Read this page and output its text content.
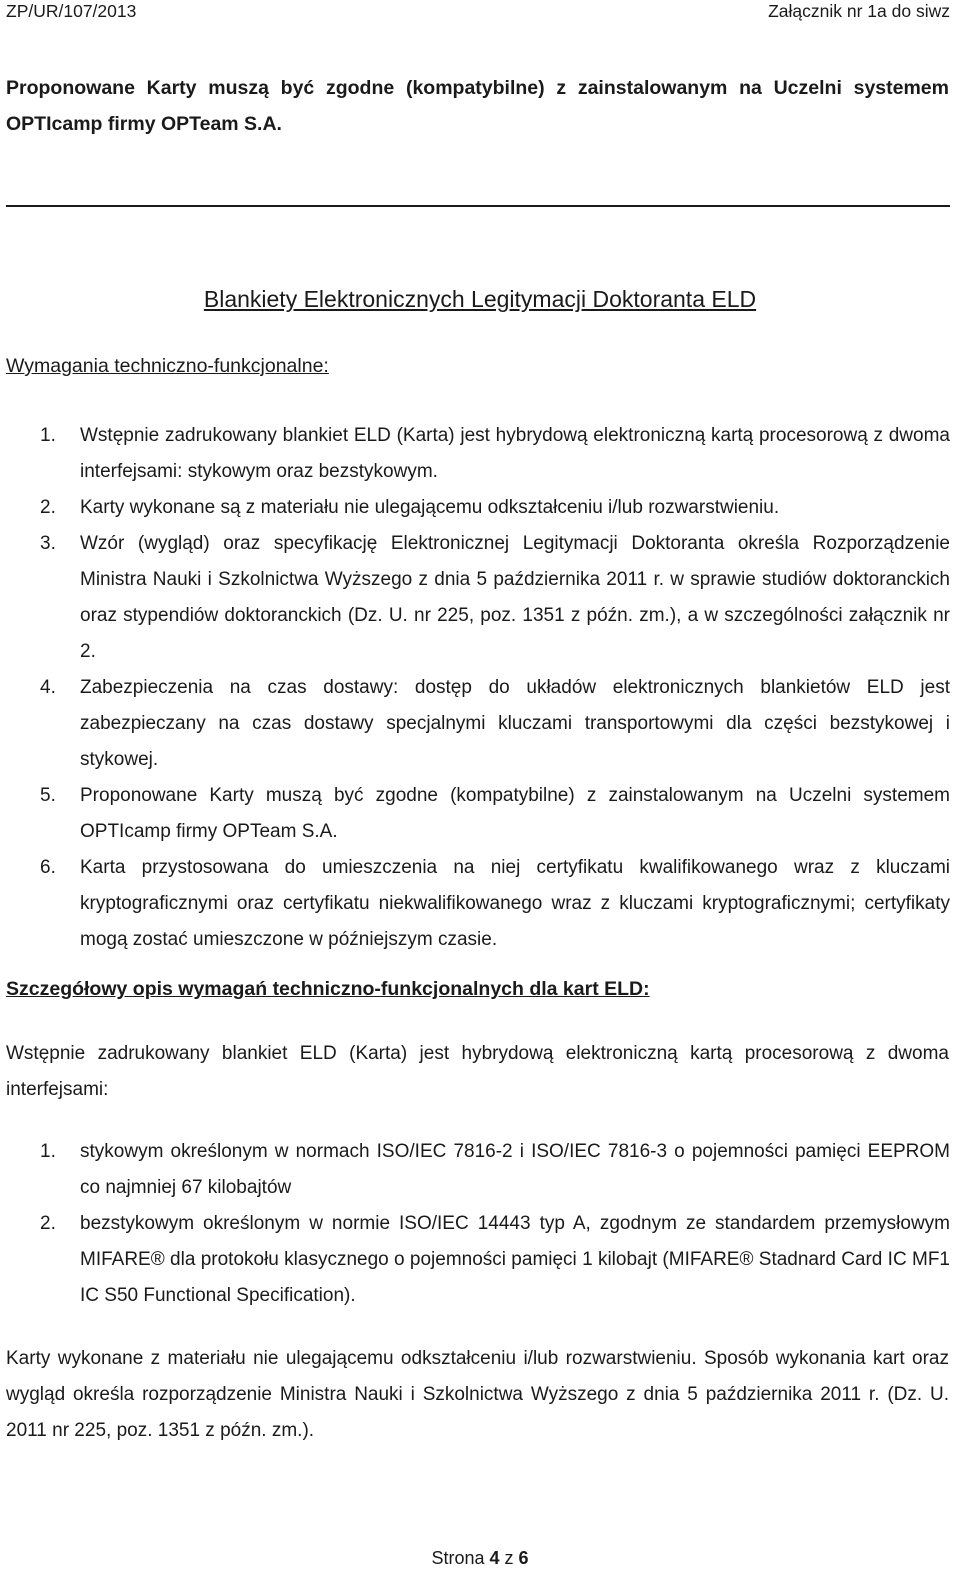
ZP/UR/107/2013	Załącznik nr 1a do siwz
Proponowane Karty muszą być zgodne (kompatybilne) z zainstalowanym na Uczelni systemem OPTIcamp firmy OPTeam S.A.
Blankiety Elektronicznych Legitymacji Doktoranta ELD
Wymagania techniczno-funkcjonalne:
1. Wstępnie zadrukowany blankiet ELD (Karta) jest hybrydową elektroniczną kartą procesorową z dwoma interfejsami: stykowym oraz bezstykowym.
2. Karty wykonane są z materiału nie ulegającemu odkształceniu i/lub rozwarstwieniu.
3. Wzór (wygląd) oraz specyfikację Elektronicznej Legitymacji Doktoranta określa Rozporządzenie Ministra Nauki i Szkolnictwa Wyższego z dnia 5 października 2011 r. w sprawie studiów doktoranckich oraz stypendiów doktoranckich (Dz. U. nr 225, poz. 1351 z późn. zm.), a w szczególności załącznik nr 2.
4. Zabezpieczenia na czas dostawy: dostęp do układów elektronicznych blankietów ELD jest zabezpieczany na czas dostawy specjalnymi kluczami transportowymi dla części bezstykowej i stykowej.
5. Proponowane Karty muszą być zgodne (kompatybilne) z zainstalowanym na Uczelni systemem OPTIcamp firmy OPTeam S.A.
6. Karta przystosowana do umieszczenia na niej certyfikatu kwalifikowanego wraz z kluczami kryptograficznymi oraz certyfikatu niekwalifikowanego wraz z kluczami kryptograficznymi; certyfikaty mogą zostać umieszczone w późniejszym czasie.
Szczegółowy opis wymagań techniczno-funkcjonalnych dla kart ELD:
Wstępnie zadrukowany blankiet ELD (Karta) jest hybrydową elektroniczną kartą procesorową z dwoma interfejsami:
1. stykowym określonym w normach ISO/IEC 7816-2 i ISO/IEC 7816-3 o pojemności pamięci EEPROM co najmniej 67 kilobajtów
2. bezstykowym określonym w normie ISO/IEC 14443 typ A, zgodnym ze standardem przemysłowym MIFARE® dla protokołu klasycznego o pojemności pamięci 1 kilobajt (MIFARE® Stadnard Card IC MF1 IC S50 Functional Specification).
Karty wykonane z materiału nie ulegającemu odkształceniu i/lub rozwarstwieniu. Sposób wykonania kart oraz wygląd określa rozporządzenie Ministra Nauki i Szkolnictwa Wyższego z dnia 5 października 2011 r. (Dz. U. 2011 nr 225, poz. 1351 z późn. zm.).
Strona 4 z 6
